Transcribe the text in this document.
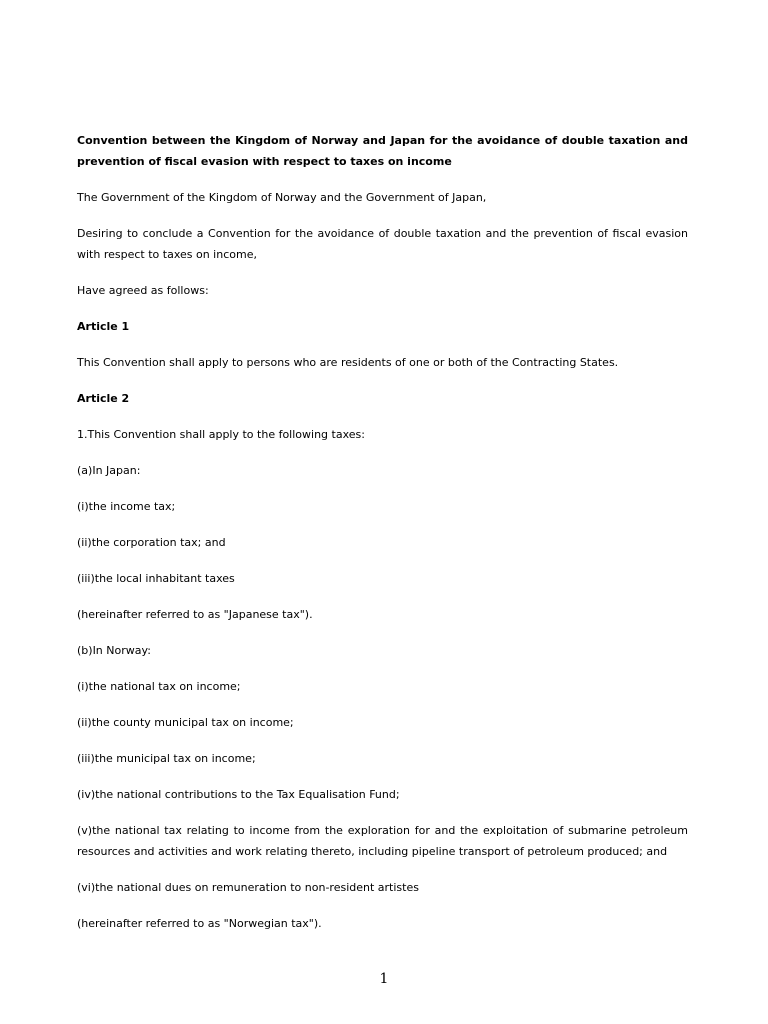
Convention between the Kingdom of Norway and Japan for the avoidance of double taxation and prevention of fiscal evasion with respect to taxes on income

The Government of the Kingdom of Norway and the Government of Japan,

Desiring to conclude a Convention for the avoidance of double taxation and the prevention of fiscal evasion with respect to taxes on income,

Have agreed as follows:

Article 1

This Convention shall apply to persons who are residents of one or both of the Contracting States.

Article 2

1.This Convention shall apply to the following taxes:

(a)In Japan:

(i)the income tax;

(ii)the corporation tax; and

(iii)the local inhabitant taxes

(hereinafter referred to as "Japanese tax").

(b)In Norway:

(i)the national tax on income;

(ii)the county municipal tax on income;

(iii)the municipal tax on income;

(iv)the national contributions to the Tax Equalisation Fund;

(v)the national tax relating to income from the exploration for and the exploitation of submarine petroleum resources and activities and work relating thereto, including pipeline transport of petroleum produced; and

(vi)the national dues on remuneration to non-resident artistes

(hereinafter referred to as "Norwegian tax").

1
